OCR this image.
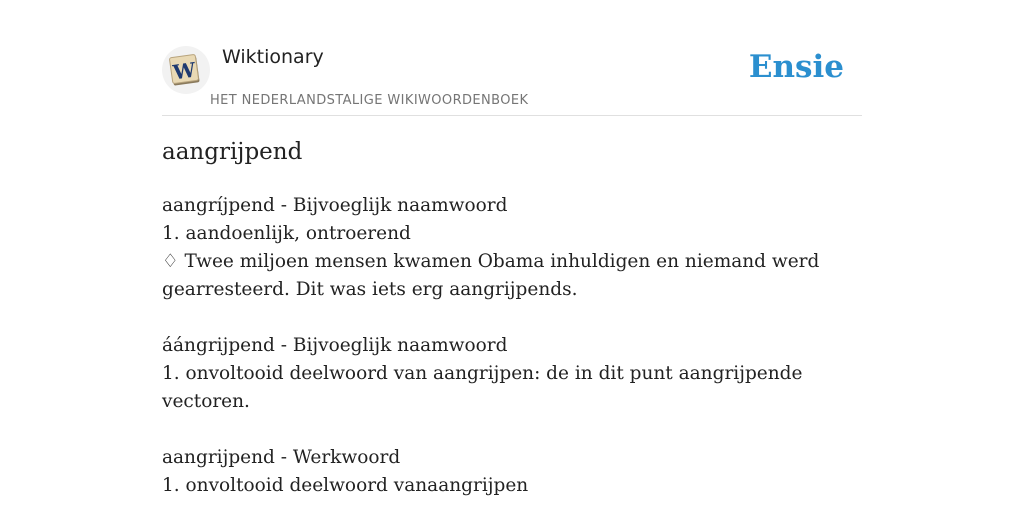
W
Wiktionary
HET NEDERLANDSTALIGE WIKIWOORDENBOEK
Ensie
aangrijpend

aangríjpend - Bijvoeglijk naamwoord

1. aandoenlijk, ontroerend

♢ Twee miljoen mensen kwamen Obama inhuldigen en niemand werd gearresteerd. Dit was iets erg aangrijpends.

áángrijpend - Bijvoeglijk naamwoord

1. onvoltooid deelwoord van aangrijpen: de in dit punt aangrijpende vectoren.

aangrijpend - Werkwoord

1. onvoltooid deelwoord vanaangrijpen
